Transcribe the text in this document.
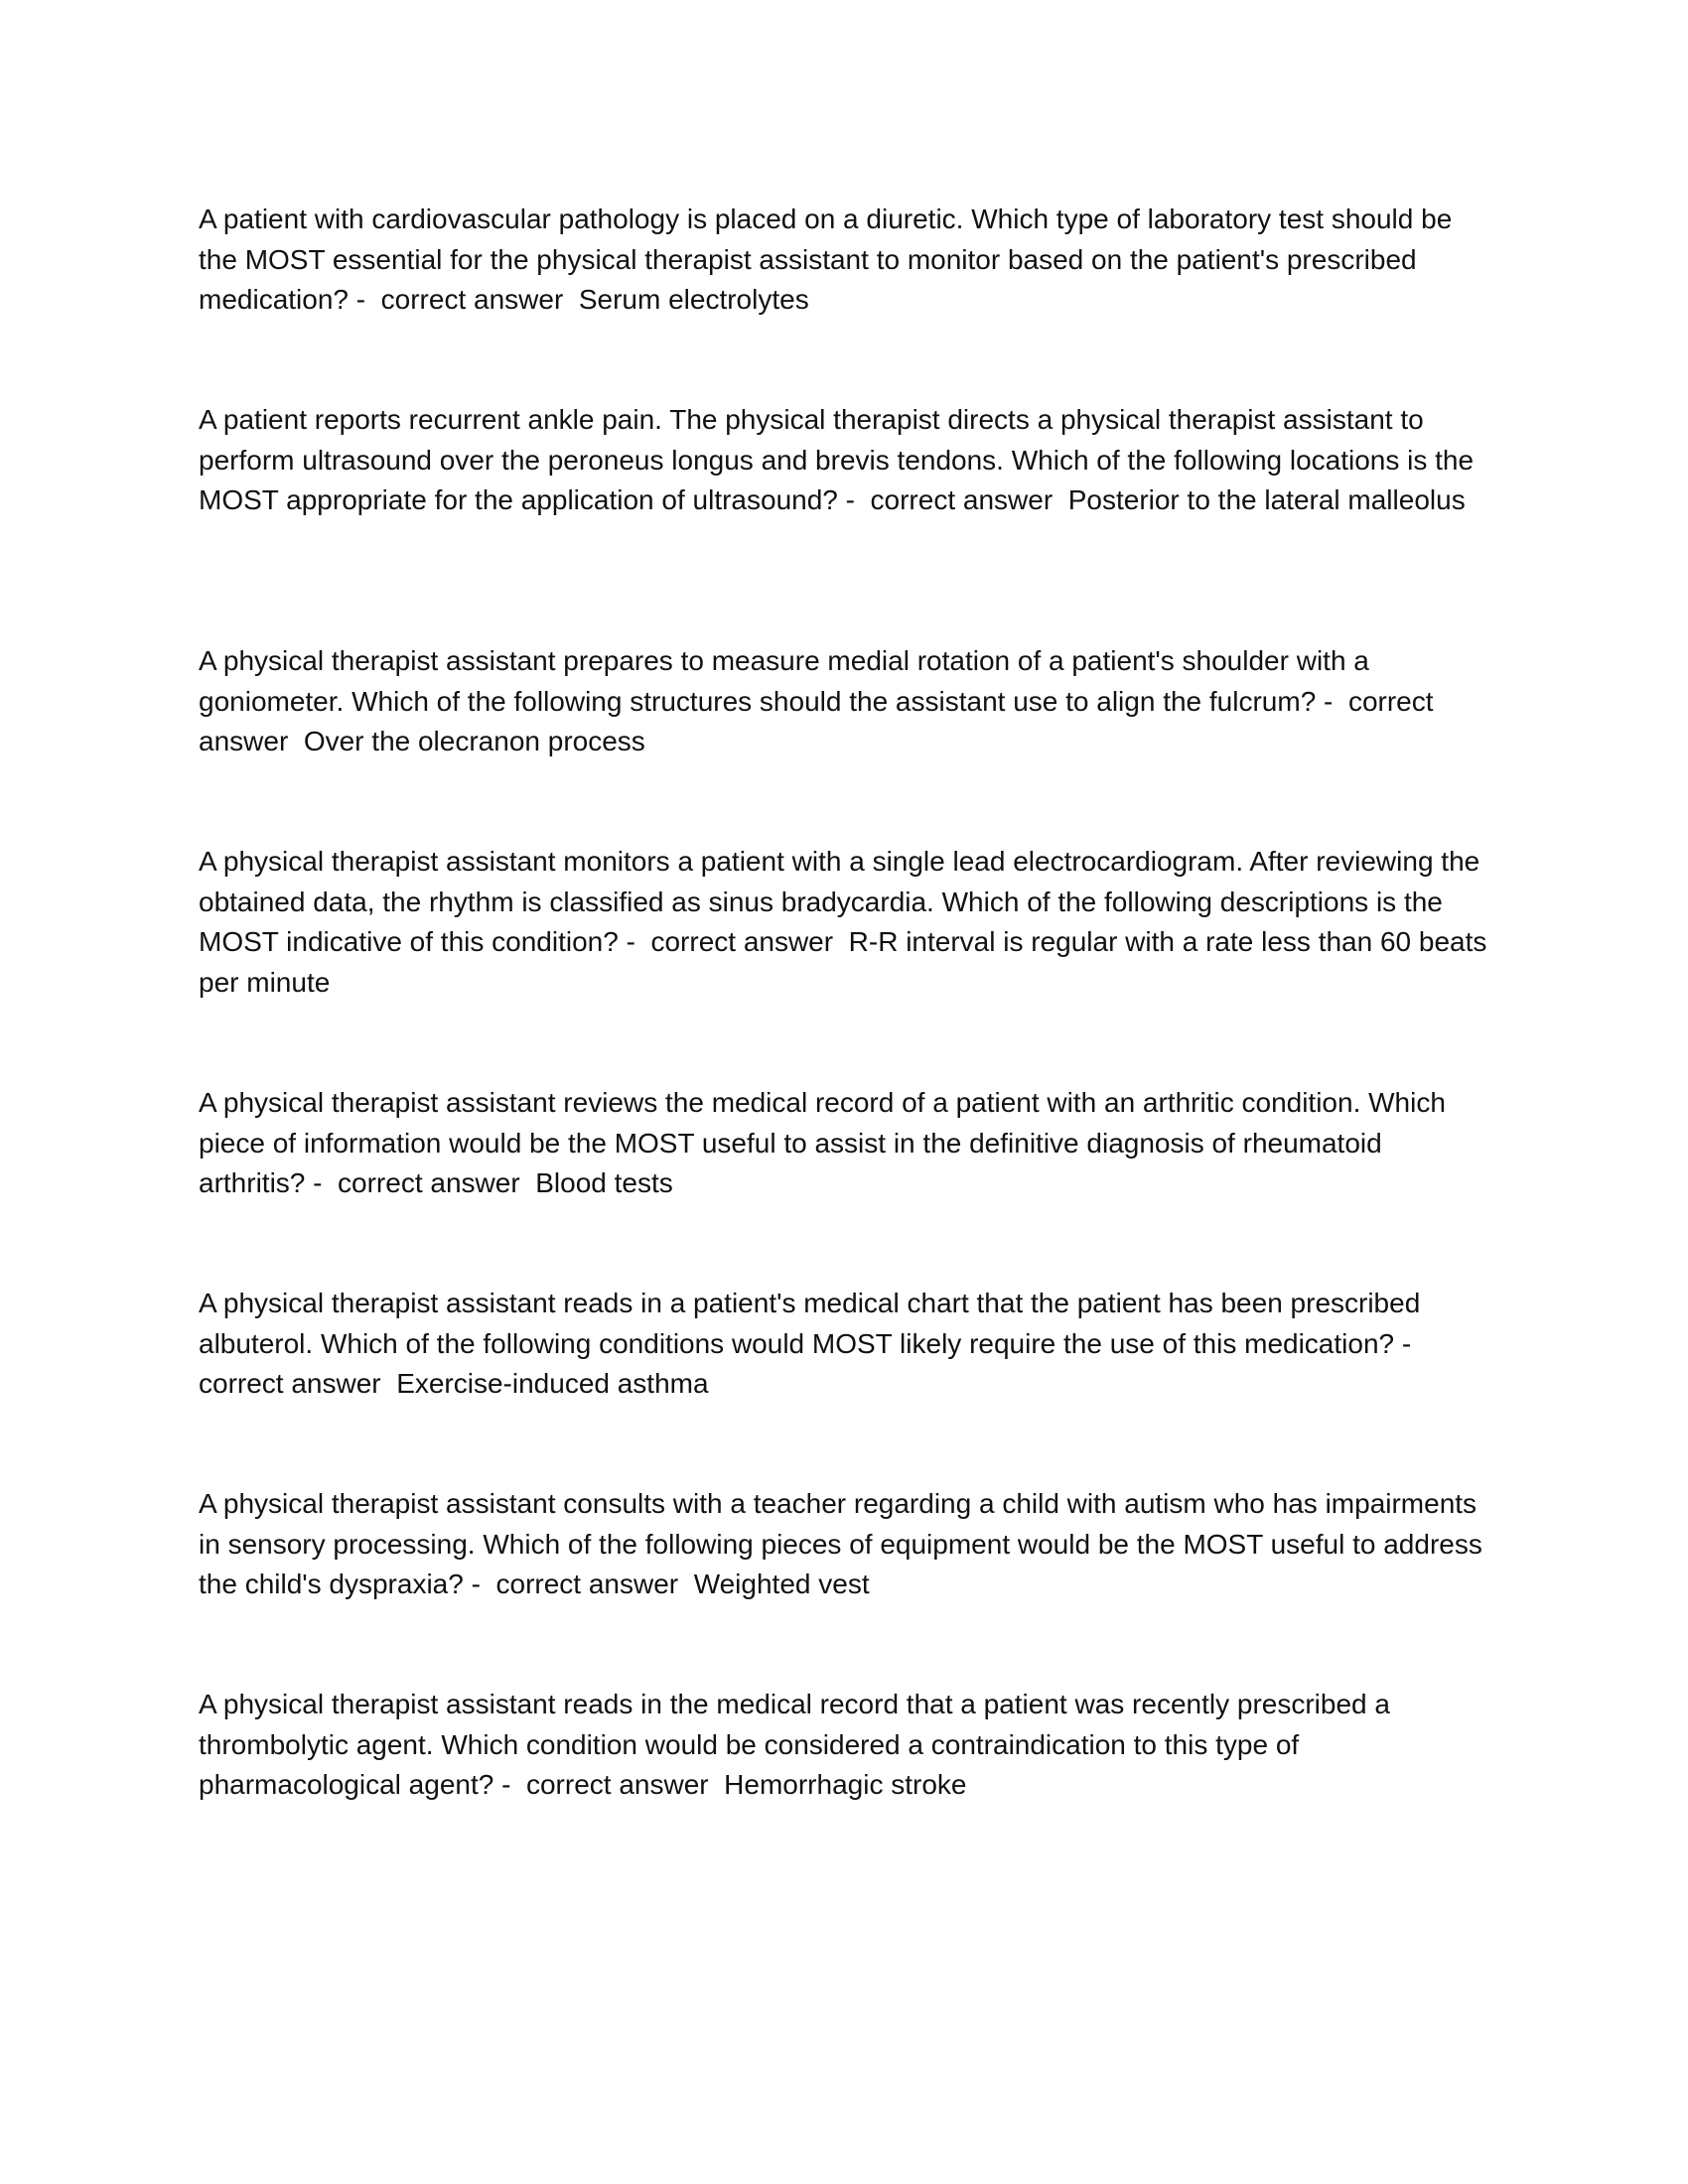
A patient with cardiovascular pathology is placed on a diuretic. Which type of laboratory test should be the MOST essential for the physical therapist assistant to monitor based on the patient's prescribed medication? - correct answer Serum electrolytes

A patient reports recurrent ankle pain. The physical therapist directs a physical therapist assistant to perform ultrasound over the peroneus longus and brevis tendons. Which of the following locations is the MOST appropriate for the application of ultrasound? - correct answer Posterior to the lateral malleolus

A physical therapist assistant prepares to measure medial rotation of a patient's shoulder with a goniometer. Which of the following structures should the assistant use to align the fulcrum? - correct answer Over the olecranon process

A physical therapist assistant monitors a patient with a single lead electrocardiogram. After reviewing the obtained data, the rhythm is classified as sinus bradycardia. Which of the following descriptions is the MOST indicative of this condition? - correct answer R-R interval is regular with a rate less than 60 beats per minute

A physical therapist assistant reviews the medical record of a patient with an arthritic condition. Which piece of information would be the MOST useful to assist in the definitive diagnosis of rheumatoid arthritis? - correct answer Blood tests

A physical therapist assistant reads in a patient's medical chart that the patient has been prescribed albuterol. Which of the following conditions would MOST likely require the use of this medication? -  correct answer Exercise-induced asthma

A physical therapist assistant consults with a teacher regarding a child with autism who has impairments in sensory processing. Which of the following pieces of equipment would be the MOST useful to address the child's dyspraxia? - correct answer Weighted vest

A physical therapist assistant reads in the medical record that a patient was recently prescribed a thrombolytic agent. Which condition would be considered a contraindication to this type of pharmacological agent? - correct answer Hemorrhagic stroke
